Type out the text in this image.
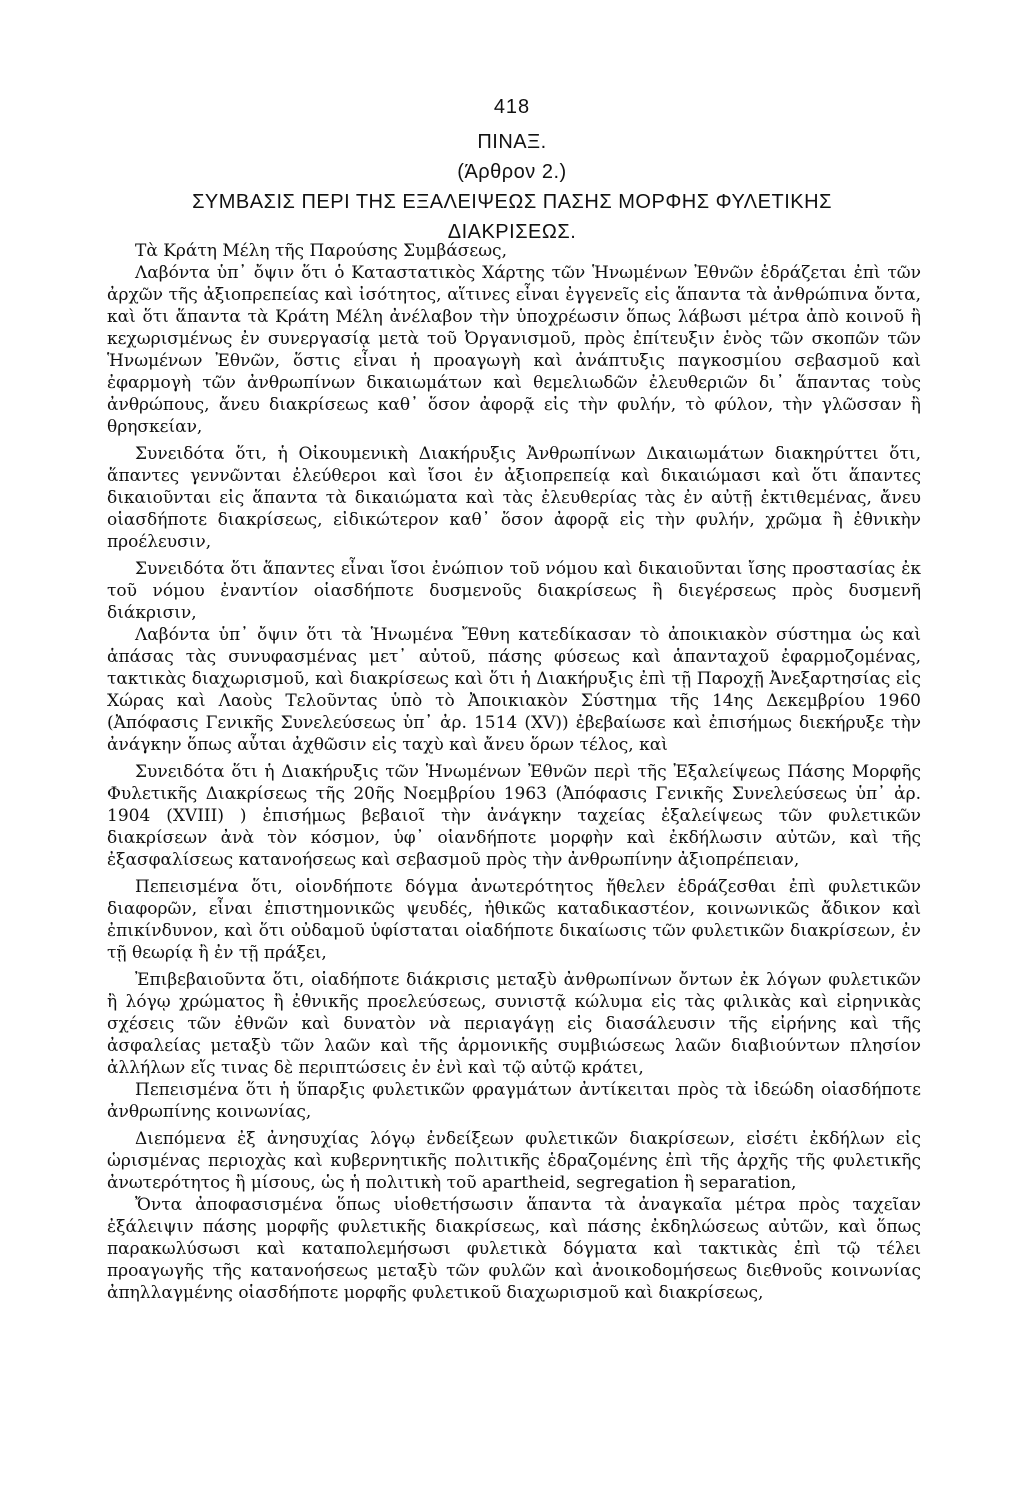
418
ΠΙΝΑΞ.
(Άρθρον 2.)
ΣΥΜΒΑΣΙΣ ΠΕΡΙ ΤΗΣ ΕΞΑΛΕΙΨΕΩΣ ΠΑΣΗΣ ΜΟΡΦΗΣ ΦΥΛΕΤΙΚΗΣ
ΔΙΑΚΡΙΣΕΩΣ.

Τὰ Κράτη Μέλη τῆς Παρούσης Συμβάσεως,

Λαβόντα ὑπ᾽ ὄψιν ὅτι ὁ Καταστατικὸς Χάρτης τῶν Ἡνωμένων Ἐθνῶν ἑδράζεται ἐπὶ τῶν ἀρχῶν τῆς ἀξιοπρεπείας καὶ ἰσότητος, αἵτινες εἶναι ἐγγενεῖς εἰς ἅπαντα τὰ ἀνθρώπινα ὄντα, καὶ ὅτι ἅπαντα τὰ Κράτη Μέλη ἀνέλαβον τὴν ὑποχρέωσιν ὅπως λάβωσι μέτρα ἀπὸ κοινοῦ ἢ κεχωρισμένως ἐν συνεργασίᾳ μετὰ τοῦ Ὀργανισμοῦ, πρὸς ἐπίτευξιν ἑνὸς τῶν σκοπῶν τῶν Ἡνωμένων Ἐθνῶν, ὅστις εἶναι ἡ προαγωγὴ καὶ ἀνάπτυξις παγκοσμίου σεβασμοῦ καὶ ἐφαρμογὴ τῶν ἀνθρωπίνων δικαιωμάτων καὶ θεμελιωδῶν ἐλευθεριῶν δι᾽ ἅπαντας τοὺς ἀνθρώπους, ἄνευ διακρίσεως καθ᾽ ὅσον ἀφορᾷ εἰς τὴν φυλήν, τὸ φύλον, τὴν γλῶσσαν ἢ θρησκείαν,

Συνειδότα ὅτι, ἡ Οἰκουμενικὴ Διακήρυξις Ἀνθρωπίνων Δικαιωμάτων διακηρύττει ὅτι, ἅπαντες γεννῶνται ἐλεύθεροι καὶ ἴσοι ἐν ἀξιοπρεπείᾳ καὶ δικαιώμασι καὶ ὅτι ἅπαντες δικαιοῦνται εἰς ἅπαντα τὰ δικαιώματα καὶ τὰς ἐλευθερίας τὰς ἐν αὐτῇ ἐκτιθεμένας, ἄνευ οἱασδήποτε διακρίσεως, εἰδικώτερον καθ᾽ ὅσον ἀφορᾷ εἰς τὴν φυλήν, χρῶμα ἢ ἐθνικὴν προέλευσιν,

Συνειδότα ὅτι ἅπαντες εἶναι ἴσοι ἐνώπιον τοῦ νόμου καὶ δικαιοῦνται ἴσης προστασίας ἐκ τοῦ νόμου ἐναντίον οἱασδήποτε δυσμενοῦς διακρίσεως ἢ διεγέρσεως πρὸς δυσμενῆ διάκρισιν,

Λαβόντα ὑπ᾽ ὄψιν ὅτι τὰ Ἡνωμένα Ἔθνη κατεδίκασαν τὸ ἀποικιακὸν σύστημα ὡς καὶ ἁπάσας τὰς συνυφασμένας μετ᾽ αὐτοῦ, πάσης φύσεως καὶ ἁπανταχοῦ ἐφαρμοζομένας, τακτικὰς διαχωρισμοῦ, καὶ διακρίσεως καὶ ὅτι ἡ Διακήρυξις ἐπὶ τῇ Παροχῇ Ἀνεξαρτησίας εἰς Χώρας καὶ Λαοὺς Τελοῦντας ὑπὸ τὸ Ἀποικιακὸν Σύστημα τῆς 14ης Δεκεμβρίου 1960 (Ἀπόφασις Γενικῆς Συνελεύσεως ὑπ᾽ ἀρ. 1514 (XV)) ἐβεβαίωσε καὶ ἐπισήμως διεκήρυξε τὴν ἀνάγκην ὅπως αὗται ἀχθῶσιν εἰς ταχὺ καὶ ἄνευ ὅρων τέλος, καὶ

Συνειδότα ὅτι ἡ Διακήρυξις τῶν Ἡνωμένων Ἐθνῶν περὶ τῆς Ἐξαλείψεως Πάσης Μορφῆς Φυλετικῆς Διακρίσεως τῆς 20ῆς Νοεμβρίου 1963 (Ἀπόφασις Γενικῆς Συνελεύσεως ὑπ᾽ ἀρ. 1904 (XVIII) ) ἐπισήμως βεβαιοῖ τὴν ἀνάγκην ταχείας ἐξαλείψεως τῶν φυλετικῶν διακρίσεων ἀνὰ τὸν κόσμον, ὑφ᾽ οἱανδήποτε μορφὴν καὶ ἐκδήλωσιν αὐτῶν, καὶ τῆς ἐξασφαλίσεως κατανοήσεως καὶ σεβασμοῦ πρὸς τὴν ἀνθρωπίνην ἀξιοπρέπειαν,

Πεπεισμένα ὅτι, οἱονδήποτε δόγμα ἀνωτερότητος ἤθελεν ἑδράζεσθαι ἐπὶ φυλετικῶν διαφορῶν, εἶναι ἐπιστημονικῶς ψευδές, ἠθικῶς καταδικαστέον, κοινωνικῶς ἄδικον καὶ ἐπικίνδυνον, καὶ ὅτι οὐδαμοῦ ὑφίσταται οἱαδήποτε δικαίωσις τῶν φυλετικῶν διακρίσεων, ἐν τῇ θεωρίᾳ ἢ ἐν τῇ πράξει,

Ἐπιβεβαιοῦντα ὅτι, οἱαδήποτε διάκρισις μεταξὺ ἀνθρωπίνων ὄντων ἐκ λόγων φυλετικῶν ἢ λόγῳ χρώματος ἢ ἐθνικῆς προελεύσεως, συνιστᾷ κώλυμα εἰς τὰς φιλικὰς καὶ εἰρηνικὰς σχέσεις τῶν ἐθνῶν καὶ δυνατὸν νὰ περιαγάγῃ εἰς διασάλευσιν τῆς εἰρήνης καὶ τῆς ἀσφαλείας μεταξὺ τῶν λαῶν καὶ τῆς ἁρμονικῆς συμβιώσεως λαῶν διαβιούντων πλησίον ἀλλήλων εἴς τινας δὲ περιπτώσεις ἐν ἑνὶ καὶ τῷ αὐτῷ κράτει,

Πεπεισμένα ὅτι ἡ ὕπαρξις φυλετικῶν φραγμάτων ἀντίκειται πρὸς τὰ ἰδεώδη οἱασδήποτε ἀνθρωπίνης κοινωνίας,

Διεπόμενα ἐξ ἀνησυχίας λόγῳ ἐνδείξεων φυλετικῶν διακρίσεων, εἰσέτι ἐκδήλων εἰς ὡρισμένας περιοχὰς καὶ κυβερνητικῆς πολιτικῆς ἑδραζομένης ἐπὶ τῆς ἀρχῆς τῆς φυλετικῆς ἀνωτερότητος ἢ μίσους, ὡς ἡ πολιτικὴ τοῦ apartheid, segregation ἢ separation,

Ὄντα ἀποφασισμένα ὅπως υἱοθετήσωσιν ἅπαντα τὰ ἀναγκαῖα μέτρα πρὸς ταχεῖαν ἐξάλειψιν πάσης μορφῆς φυλετικῆς διακρίσεως, καὶ πάσης ἐκδηλώσεως αὐτῶν, καὶ ὅπως παρακωλύσωσι καὶ καταπολεμήσωσι φυλετικὰ δόγματα καὶ τακτικὰς ἐπὶ τῷ τέλει προαγωγῆς τῆς κατανοήσεως μεταξὺ τῶν φυλῶν καὶ ἀνοικοδομήσεως διεθνοῦς κοινωνίας ἀπηλλαγμένης οἱασδήποτε μορφῆς φυλετικοῦ διαχωρισμοῦ καὶ διακρίσεως,
